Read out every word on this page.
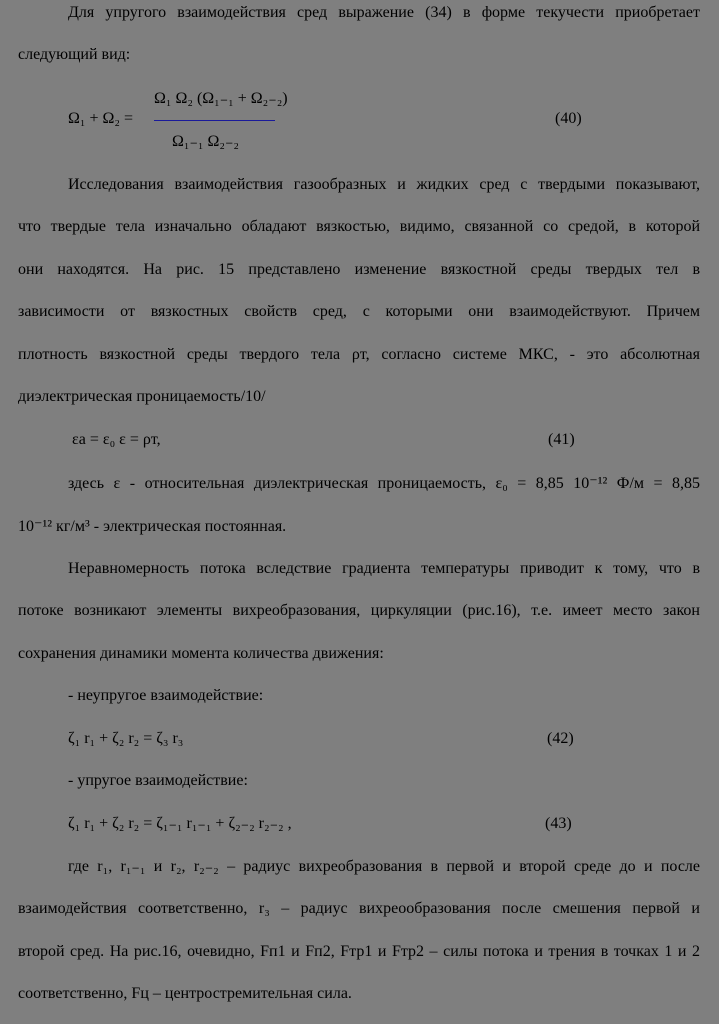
Для упругого взаимодействия сред выражение (34) в форме текучести приобретает
следующий вид:
Ω₁ + Ω₂ =
Ω₁ Ω₂ (Ω₁₋₁ + Ω₂₋₂)
Ω₁₋₁ Ω₂₋₂
(40)
Исследования взаимодействия газообразных и жидких сред с твердыми показывают,
что твердые тела изначально обладают вязкостью, видимо, связанной со средой, в которой
они находятся. На рис. 15 представлено изменение вязкостной среды твердых тел в
зависимости от вязкостных свойств сред, с которыми они взаимодействуют. Причем
плотность вязкостной среды твердого тела ρт, согласно системе МКС, - это абсолютная
диэлектрическая проницаемость/10/
εа = ε₀ ε = ρт,	(41)
здесь ε - относительная диэлектрическая проницаемость, ε₀ = 8,85 10⁻¹² Ф/м = 8,85
10⁻¹² кг/м³ - электрическая постоянная.
Неравномерность потока вследствие градиента температуры приводит к тому, что в
потоке возникают элементы вихреобразования, циркуляции (рис.16), т.е. имеет место закон
сохранения динамики момента количества движения:
- неупругое взаимодействие:
ζ₁ r₁ + ζ₂ r₂ = ζ₃ r₃	(42)
- упругое взаимодействие:
ζ₁ r₁ + ζ₂ r₂ = ζ₁₋₁ r₁₋₁ + ζ₂₋₂ r₂₋₂ ,	(43)
где r₁, r₁₋₁ и r₂, r₂₋₂ – радиус вихреобразования в первой и второй среде до и после
взаимодействия соответственно, r₃ – радиус вихреообразования после смешения первой и
второй сред. На рис.16, очевидно, Fп1 и Fп2, Fтр1 и Fтр2 – силы потока и трения в точках 1 и 2
соответственно, Fц – центростремительная сила.
